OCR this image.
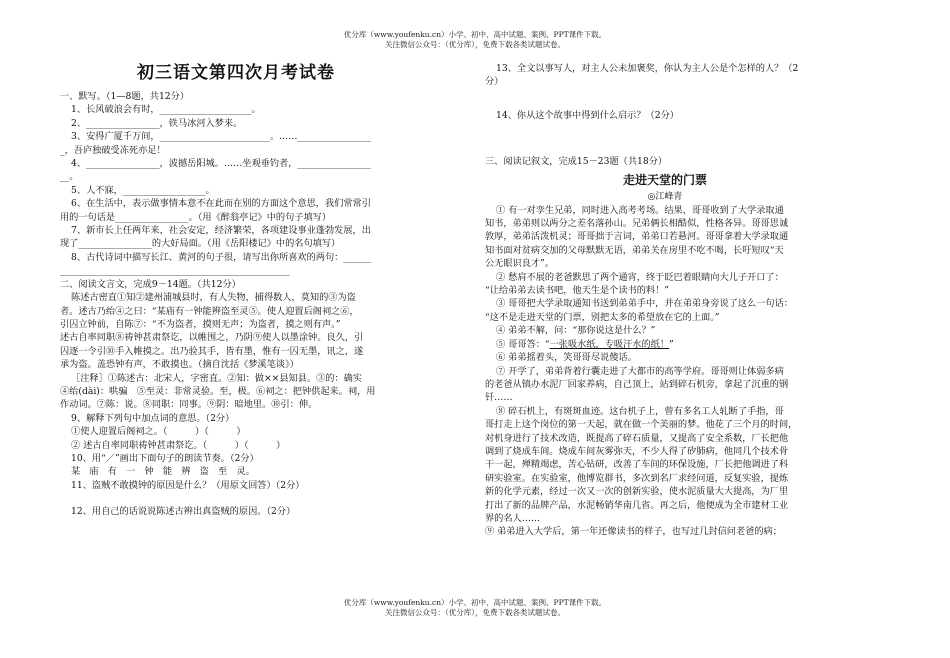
优分库（www.youfenku.cn）小学、初中、高中试题、案例、PPT课件下载。
关注微信公众号：（优分库），免费下载各类试题试卷。
初三语文第四次月考试卷

一、默写。（1—8题，共12分）

1、长风破浪会有时，____________________。

2、________________，铁马冰河入梦来。

3、安得广厦千万间，________________________。……________________

_，吾庐独破受冻死亦足！

4、________________，波撼岳阳城。……坐观垂钓者，________________

__。

5、人不寐，__________________。

6、在生活中，表示做事情本意不在此而在别的方面这个意思，我们常常引

用的一句话是________________。（用《醉翁亭记》中的句子填写）

7、新市长上任两年来，社会安定，经济繁荣，各项建设事业蓬勃发展，出

现了________________的大好局面。（用《岳阳楼记》中的名句填写）

8、古代诗词中描写长江、黄河的句子很，请写出你所喜欢的两句：______

__________________________________________________

二、阅读文言文，完成9－14题。（共12分）

陈述古密直①知②建州浦城县时，有人失物，捕得数人，莫知的③为盗

者。述古乃绐④之曰：“某庙有一钟能辨盗至灵⑤。使人迎置后阁祠之⑥，

引囚立钟前，自陈⑦：“不为盗者，摸则无声；为盗者，摸之则有声。”

述古自率同职⑧祷钟甚肃祭讫，以帷围之，乃阴⑨使人以墨涂钟。良久，引

囚逐一令引⑩手入帷摸之。出乃验其手，皆有墨，惟有一囚无墨，讯之，遂

承为盗。盖恐钟有声，不敢摸也。（摘自沈括《梦溪笔谈》）

［注释］①陈述古：北宋人，字密直。②知：做××县知县。③的：确实

④绐(dài)：哄骗　⑤至灵：非常灵验。至，极。⑥祠之：把钟供起来。祠，用

作动词。⑦陈：说。⑧同职：同事。⑨阴：暗地里。⑩引：伸。

9、解释下列句中加点词的意思。（2分）

①使人迎置后阁祠之。（　　　）（　　　）

② 述古自率同职祷钟甚肃祭讫。（　　　）（　　　）

10、用“／”画出下面句子的朗读节奏。（2分）

某　庙　有　一　钟　能　辨　盗　至　灵。

11、盗贼不敢摸钟的原因是什么？（用原文回答）（2分）

12、用自己的话说说陈述古辨出真盗贼的原因。（2分）

13、全文以事写人，对主人公未加褒奖，你认为主人公是个怎样的人？（2

分）

14、你从这个故事中得到什么启示？（2分）

三、阅读记叙文，完成15－23题（共18分）

走进天堂的门票
◎江峰青

① 有一对孪生兄弟，同时进入高考考场。结果，哥哥收到了大学录取通

知书，弟弟则以两分之差名落孙山。兄弟俩长相酷似，性格各异。哥哥思诚

敦厚，弟弟活泼机灵；哥哥拙于言词，弟弟口若悬河。哥哥拿着大学录取通

知书面对贫病交加的父母默默无语，弟弟关在房里不吃不喝，长吁短叹“天

公无眼识良才”。

② 愁肩不展的老爸默思了两个通宵，终于眨巴着眼睛向大儿子开口了：

“让给弟弟去读书吧，他天生是个读书的料！”

③ 哥哥把大学录取通知书送到弟弟手中，并在弟弟身旁说了这么一句话：

“这不是走进天堂的门票，别把太多的希望放在它的上面。”

④ 弟弟不解，问：“那你说这是什么？”

⑤ 哥哥答：“一张吸水纸，专吸汗水的纸！”

⑥ 弟弟摇着头，笑哥哥尽说傻话。

⑦ 开学了，弟弟背着行囊走进了大都市的高等学府。哥哥则让体弱多病

的老爸从镇办水泥厂回家养病，自己顶上，站到碎石机旁，拿起了沉重的钢

钎……

⑧ 碎石机上，有斑斑血迹。这台机子上，曾有多名工人轧断了手指，哥

哥打走上这个岗位的第一天起，就在做一个美丽的梦。他花了三个月的时间，

对机身进行了技术改造，既提高了碎石质量，又提高了安全系数，厂长把他

调到了烧成车间。烧成车间灰雾弥天，不少人得了矽肺病，他同几个技术骨

干一起，殚精竭虑，苦心钻研，改善了车间的环保设施，厂长把他调进了科

研实验室。在实验室，他博览群书，多次到名厂求经问道，反复实验，提炼

新的化学元素，经过一次又一次的创新实验，使水泥质量大大提高，为厂里

打出了新的品牌产品，水泥畅销华南几省。再之后，他便成为全市建材工业

界的名人……

⑨ 弟弟进入大学后，第一年还像读书的样子，也写过几封信问老爸的病；

优分库（www.youfenku.cn）小学、初中、高中试题、案例、PPT课件下载。
关注微信公众号：（优分库），免费下载各类试题试卷。
